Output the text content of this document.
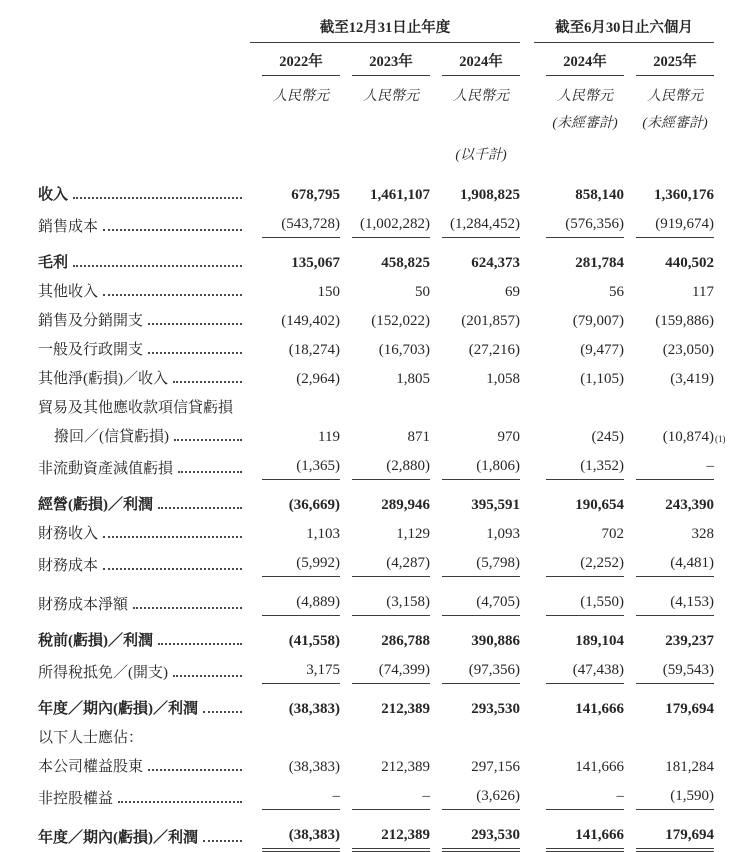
	截至12月31日止年度				截至6月30日止六個月	
	2022年	2023年	2024年		2024年	2025年
	人民幣元	人民幣元	人民幣元		人民幣元	人民幣元
					(未經審計)	(未經審計)
			(以千計)			

收入	678,795	1,461,107	1,908,825		858,140	1,360,176

銷售成本	(543,728)	(1,002,282)	(1,284,452)		(576,356)	(919,674)

毛利	135,067	458,825	624,373		281,784	440,502

其他收入	150	50	69		56	117

銷售及分銷開支	(149,402)	(152,022)	(201,857)		(79,007)	(159,886)

一般及行政開支	(18,274)	(16,703)	(27,216)		(9,477)	(23,050)

其他淨(虧損)／收入	(2,964)	1,805	1,058		(1,105)	(3,419)

貿易及其他應收款項信貸虧損						

撥回／(信貸虧損)	119	871	970		(245)	(10,874) (1)

非流動資產減值虧損	(1,365)	(2,880)	(1,806)		(1,352)	–

經營(虧損)／利潤	(36,669)	289,946	395,591		190,654	243,390

財務收入	1,103	1,129	1,093		702	328

財務成本	(5,992)	(4,287)	(5,798)		(2,252)	(4,481)

財務成本淨額	(4,889)	(3,158)	(4,705)		(1,550)	(4,153)

稅前(虧損)／利潤	(41,558)	286,788	390,886		189,104	239,237

所得稅抵免／(開支)	3,175	(74,399)	(97,356)		(47,438)	(59,543)

年度／期內(虧損)／利潤	(38,383)	212,389	293,530		141,666	179,694

以下人士應佔：						

本公司權益股東	(38,383)	212,389	297,156		141,666	181,284

非控股權益	–	–	(3,626)		–	(1,590)

年度／期內(虧損)／利潤	(38,383)	212,389	293,530		141,666	179,694
